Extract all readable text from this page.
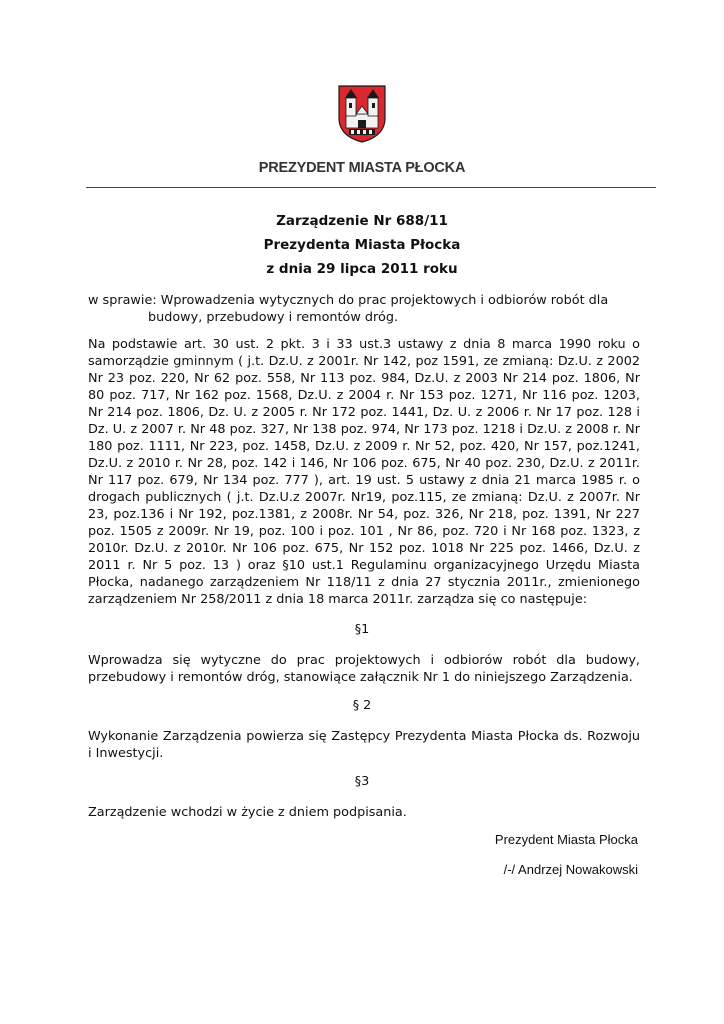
PREZYDENT MIASTA PŁOCKA
Zarządzenie Nr 688/11
Prezydenta Miasta Płocka
z dnia 29 lipca 2011 roku
w sprawie: Wprowadzenia wytycznych do prac projektowych i odbiorów robót dla
budowy, przebudowy i remontów dróg.
Na podstawie art. 30 ust. 2 pkt. 3 i 33 ust.3 ustawy z dnia 8 marca 1990 roku o samorządzie gminnym ( j.t. Dz.U. z 2001r. Nr 142, poz 1591, ze zmianą: Dz.U. z 2002 Nr 23 poz. 220, Nr 62 poz. 558, Nr 113 poz. 984, Dz.U. z 2003 Nr 214 poz. 1806, Nr 80 poz. 717, Nr 162 poz. 1568, Dz.U. z 2004 r. Nr 153 poz. 1271, Nr 116 poz. 1203, Nr 214 poz. 1806, Dz. U. z 2005 r. Nr 172 poz. 1441, Dz. U. z 2006 r. Nr 17 poz. 128 i Dz. U. z 2007 r. Nr 48 poz. 327, Nr 138 poz. 974, Nr 173 poz. 1218 i Dz.U. z 2008 r. Nr 180 poz. 1111, Nr 223, poz. 1458, Dz.U. z 2009 r. Nr 52, poz. 420, Nr 157, poz.1241, Dz.U. z 2010 r. Nr 28, poz. 142 i 146, Nr 106 poz. 675, Nr 40 poz. 230, Dz.U. z 2011r. Nr 117 poz. 679, Nr 134 poz. 777 ), art. 19 ust. 5 ustawy z dnia 21 marca 1985 r. o drogach publicznych ( j.t. Dz.U.z 2007r. Nr19, poz.115, ze zmianą: Dz.U. z 2007r. Nr 23, poz.136 i Nr 192, poz.1381, z 2008r. Nr 54, poz. 326, Nr 218, poz. 1391, Nr 227 poz. 1505 z 2009r. Nr 19, poz. 100 i poz. 101 , Nr 86, poz. 720 i Nr 168 poz. 1323, z 2010r. Dz.U. z 2010r. Nr 106 poz. 675, Nr 152 poz. 1018 Nr 225 poz. 1466, Dz.U. z 2011 r. Nr 5 poz. 13 ) oraz §10 ust.1 Regulaminu organizacyjnego Urzędu Miasta Płocka, nadanego zarządzeniem Nr 118/11 z dnia 27 stycznia 2011r., zmienionego zarządzeniem Nr 258/2011 z dnia 18 marca 2011r. zarządza się co następuje:
§1
Wprowadza się wytyczne do prac projektowych i odbiorów robót dla budowy, przebudowy i remontów dróg, stanowiące załącznik Nr 1 do niniejszego Zarządzenia.
§ 2
Wykonanie Zarządzenia powierza się Zastępcy Prezydenta Miasta Płocka ds. Rozwoju i Inwestycji.
§3
Zarządzenie wchodzi w życie z dniem podpisania.
Prezydent Miasta Płocka
/-/ Andrzej Nowakowski
